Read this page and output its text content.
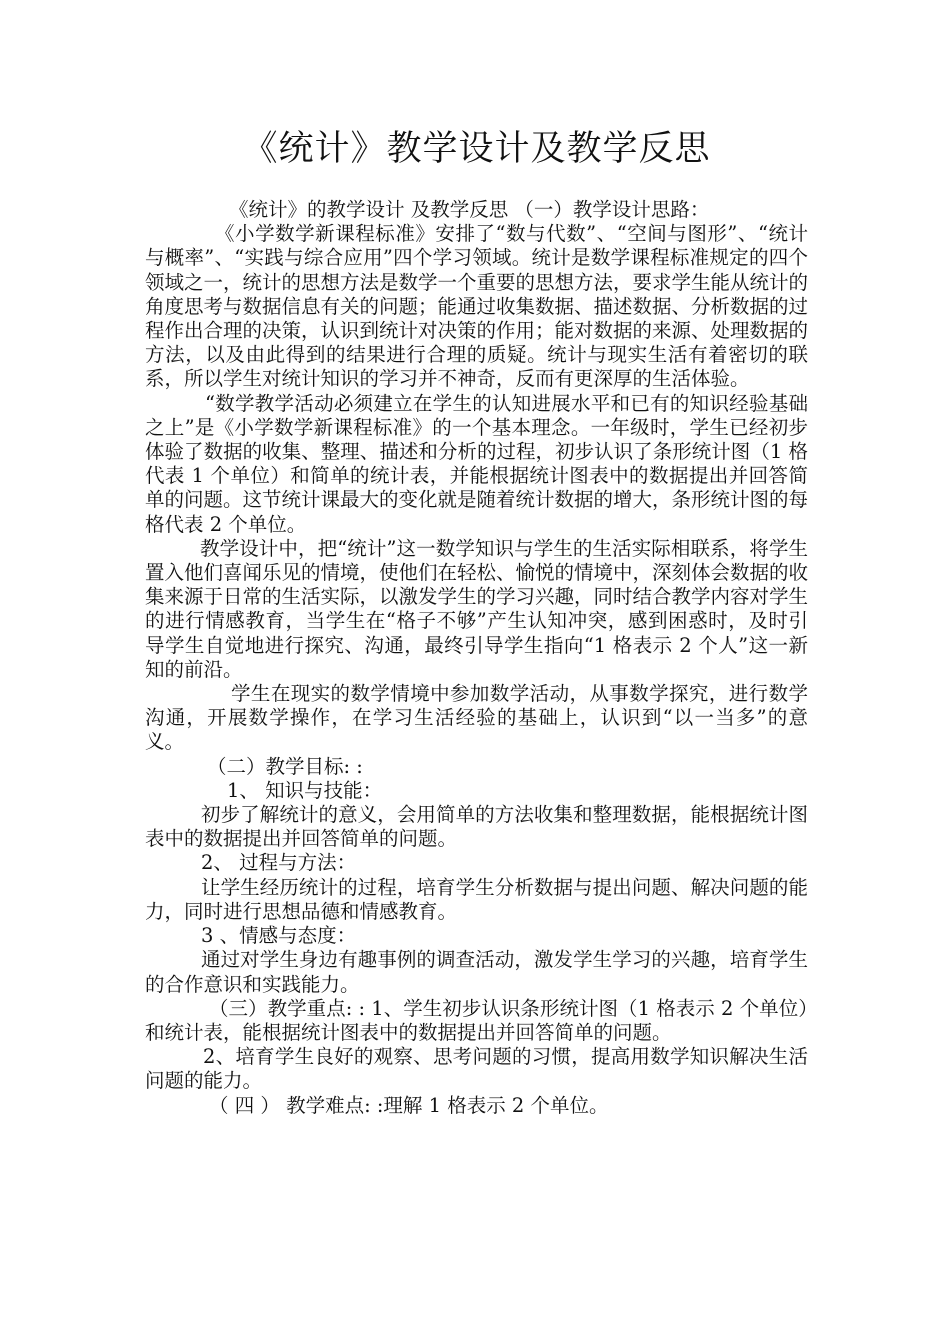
《统计》教学设计及教学反思

《统计》的教学设计 及教学反思 （一）教学设计思路：

《小学数学新课程标准》安排了“数与代数”、“空间与图形”、“统计与概率”、“实践与综合应用”四个学习领域。统计是数学课程标准规定的四个领域之一，统计的思想方法是数学一个重要的思想方法，要求学生能从统计的角度思考与数据信息有关的问题；能通过收集数据、描述数据、分析数据的过程作出合理的决策，认识到统计对决策的作用；能对数据的来源、处理数据的方法，以及由此得到的结果进行合理的质疑。统计与现实生活有着密切的联系，所以学生对统计知识的学习并不神奇，反而有更深厚的生活体验。

“数学教学活动必须建立在学生的认知进展水平和已有的知识经验基础之上”是《小学数学新课程标准》的一个基本理念。一年级时，学生已经初步体验了数据的收集、整理、描述和分析的过程，初步认识了条形统计图（1 格代表 1 个单位）和简单的统计表，并能根据统计图表中的数据提出并回答简单的问题。这节统计课最大的变化就是随着统计数据的增大，条形统计图的每格代表 2 个单位。

教学设计中，把“统计”这一数学知识与学生的生活实际相联系，将学生置入他们喜闻乐见的情境，使他们在轻松、愉悦的情境中，深刻体会数据的收集来源于日常的生活实际，以激发学生的学习兴趣，同时结合教学内容对学生的进行情感教育，当学生在“格子不够”产生认知冲突，感到困惑时，及时引导学生自觉地进行探究、沟通，最终引导学生指向“1 格表示 2 个人”这一新知的前沿。

学生在现实的数学情境中参加数学活动，从事数学探究，进行数学沟通，开展数学操作，在学习生活经验的基础上，认识到“以一当多”的意义。

（二）教学目标: :

1、 知识与技能：

初步了解统计的意义，会用简单的方法收集和整理数据，能根据统计图表中的数据提出并回答简单的问题。

2、 过程与方法：

让学生经历统计的过程，培育学生分析数据与提出问题、解决问题的能力，同时进行思想品德和情感教育。

3 、情感与态度：

通过对学生身边有趣事例的调查活动，激发学生学习的兴趣，培育学生的合作意识和实践能力。

（三）教学重点: : 1、学生初步认识条形统计图（1 格表示 2 个单位）和统计表，能根据统计图表中的数据提出并回答简单的问题。

2、培育学生良好的观察、思考问题的习惯，提高用数学知识解决生活问题的能力。

（ 四 ） 教学难点: :理解 1 格表示 2 个单位。
